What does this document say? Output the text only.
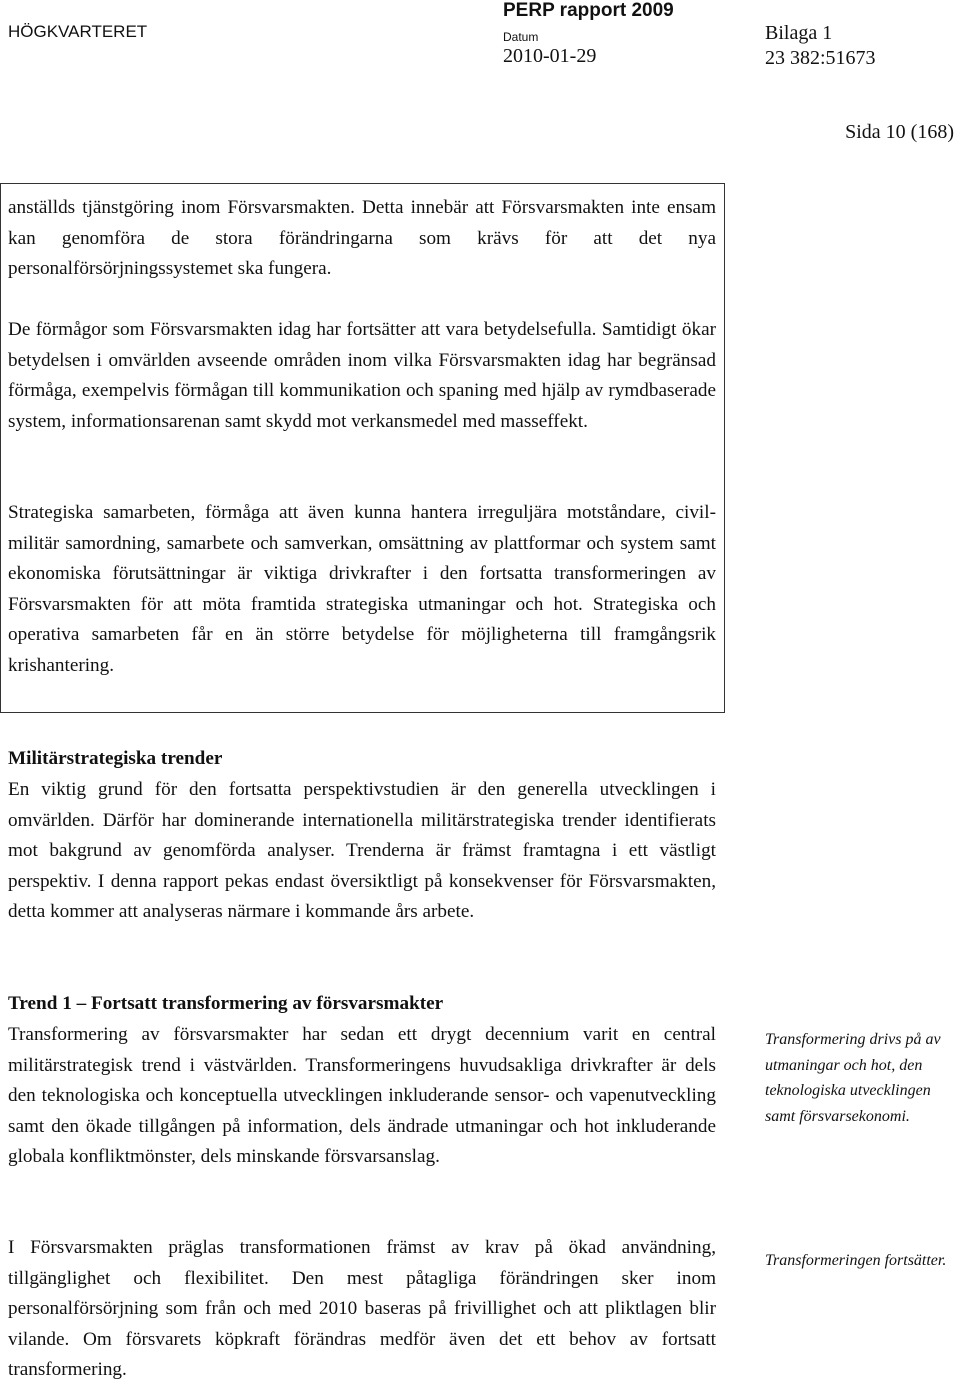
HÖGKVARTERET
PERP rapport 2009
Datum
2010-01-29
Bilaga 1
23 382:51673
Sida 10 (168)

anställds tjänstgöring inom Försvarsmakten. Detta innebär att Försvarsmakten inte ensam kan genomföra de stora förändringarna som krävs för att det nya personalförsörjningssystemet ska fungera.

De förmågor som Försvarsmakten idag har fortsätter att vara betydelsefulla. Samtidigt ökar betydelsen i omvärlden avseende områden inom vilka Försvarsmakten idag har begränsad förmåga, exempelvis förmågan till kommunikation och spaning med hjälp av rymdbaserade system, informationsarenan samt skydd mot verkansmedel med masseffekt.

Strategiska samarbeten, förmåga att även kunna hantera irreguljära motståndare, civil-militär samordning, samarbete och samverkan, omsättning av plattformar och system samt ekonomiska förutsättningar är viktiga drivkrafter i den fortsatta transformeringen av Försvarsmakten för att möta framtida strategiska utmaningar och hot. Strategiska och operativa samarbeten får en än större betydelse för möjligheterna till framgångsrik krishantering.

Militärstrategiska trender

En viktig grund för den fortsatta perspektivstudien är den generella utvecklingen i omvärlden. Därför har dominerande internationella militärstrategiska trender identifierats mot bakgrund av genomförda analyser. Trenderna är främst framtagna i ett västligt perspektiv. I denna rapport pekas endast översiktligt på konsekvenser för Försvarsmakten, detta kommer att analyseras närmare i kommande års arbete.

Trend 1 – Fortsatt transformering av försvarsmakter

Transformering av försvarsmakter har sedan ett drygt decennium varit en central militärstrategisk trend i västvärlden. Transformeringens huvudsakliga drivkrafter är dels den teknologiska och konceptuella utvecklingen inkluderande sensor- och vapenutveckling samt den ökade tillgången på information, dels ändrade utmaningar och hot inkluderande globala konfliktmönster, dels minskande försvarsanslag.

I Försvarsmakten präglas transformationen främst av krav på ökad användning, tillgänglighet och flexibilitet. Den mest påtagliga förändringen sker inom personalförsörjning som från och med 2010 baseras på frivillighet och att pliktlagen blir vilande. Om försvarets köpkraft förändras medför även det ett behov av fortsatt transformering.

Transformering drivs på av utmaningar och hot, den teknologiska utvecklingen samt försvarsekonomi.

Transformeringen fortsätter.
